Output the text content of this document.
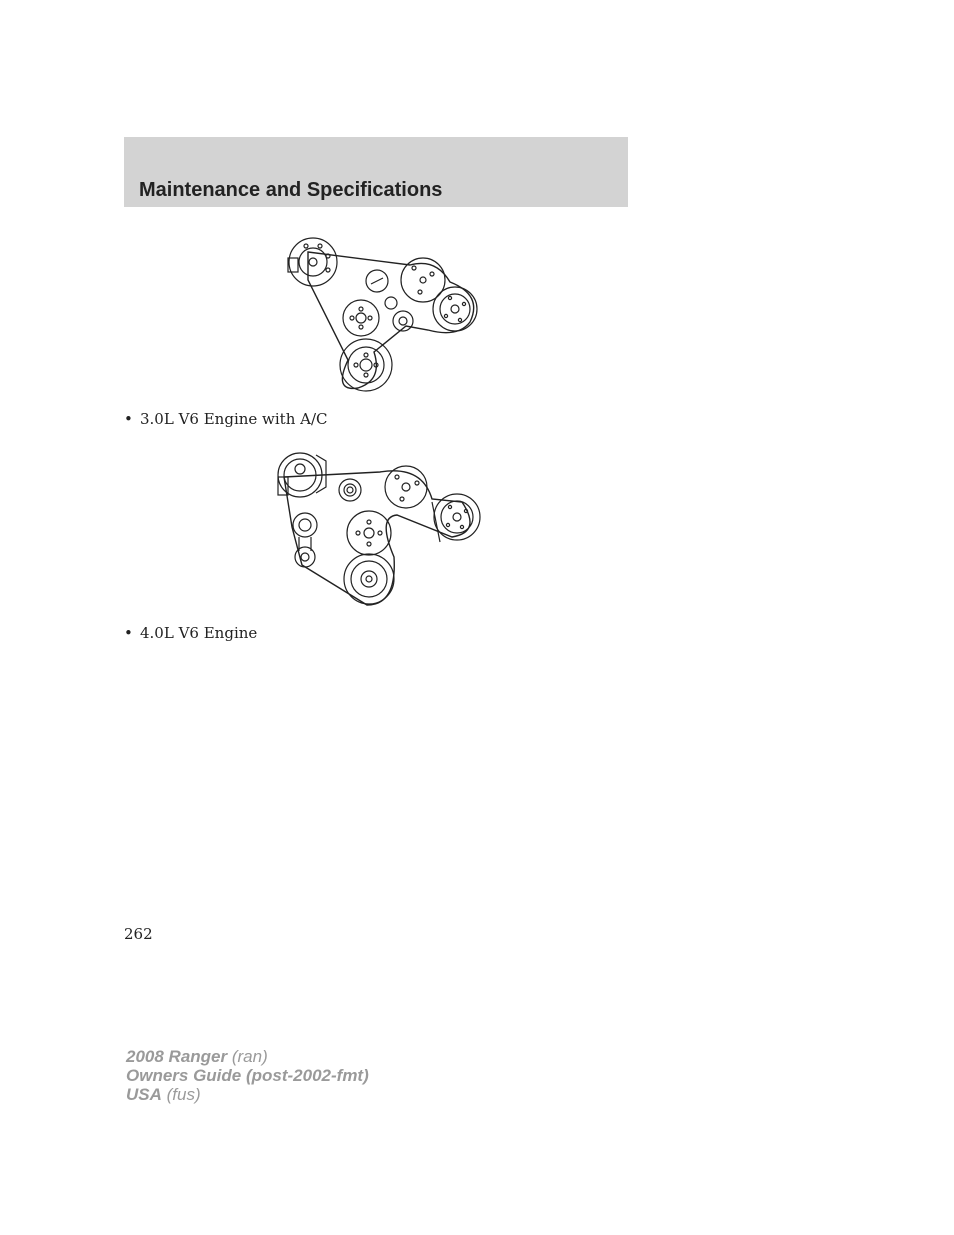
Maintenance and Specifications
• 3.0L V6 Engine with A/C
• 4.0L V6 Engine
262
2008 Ranger (ran)
Owners Guide (post-2002-fmt)
USA (fus)
